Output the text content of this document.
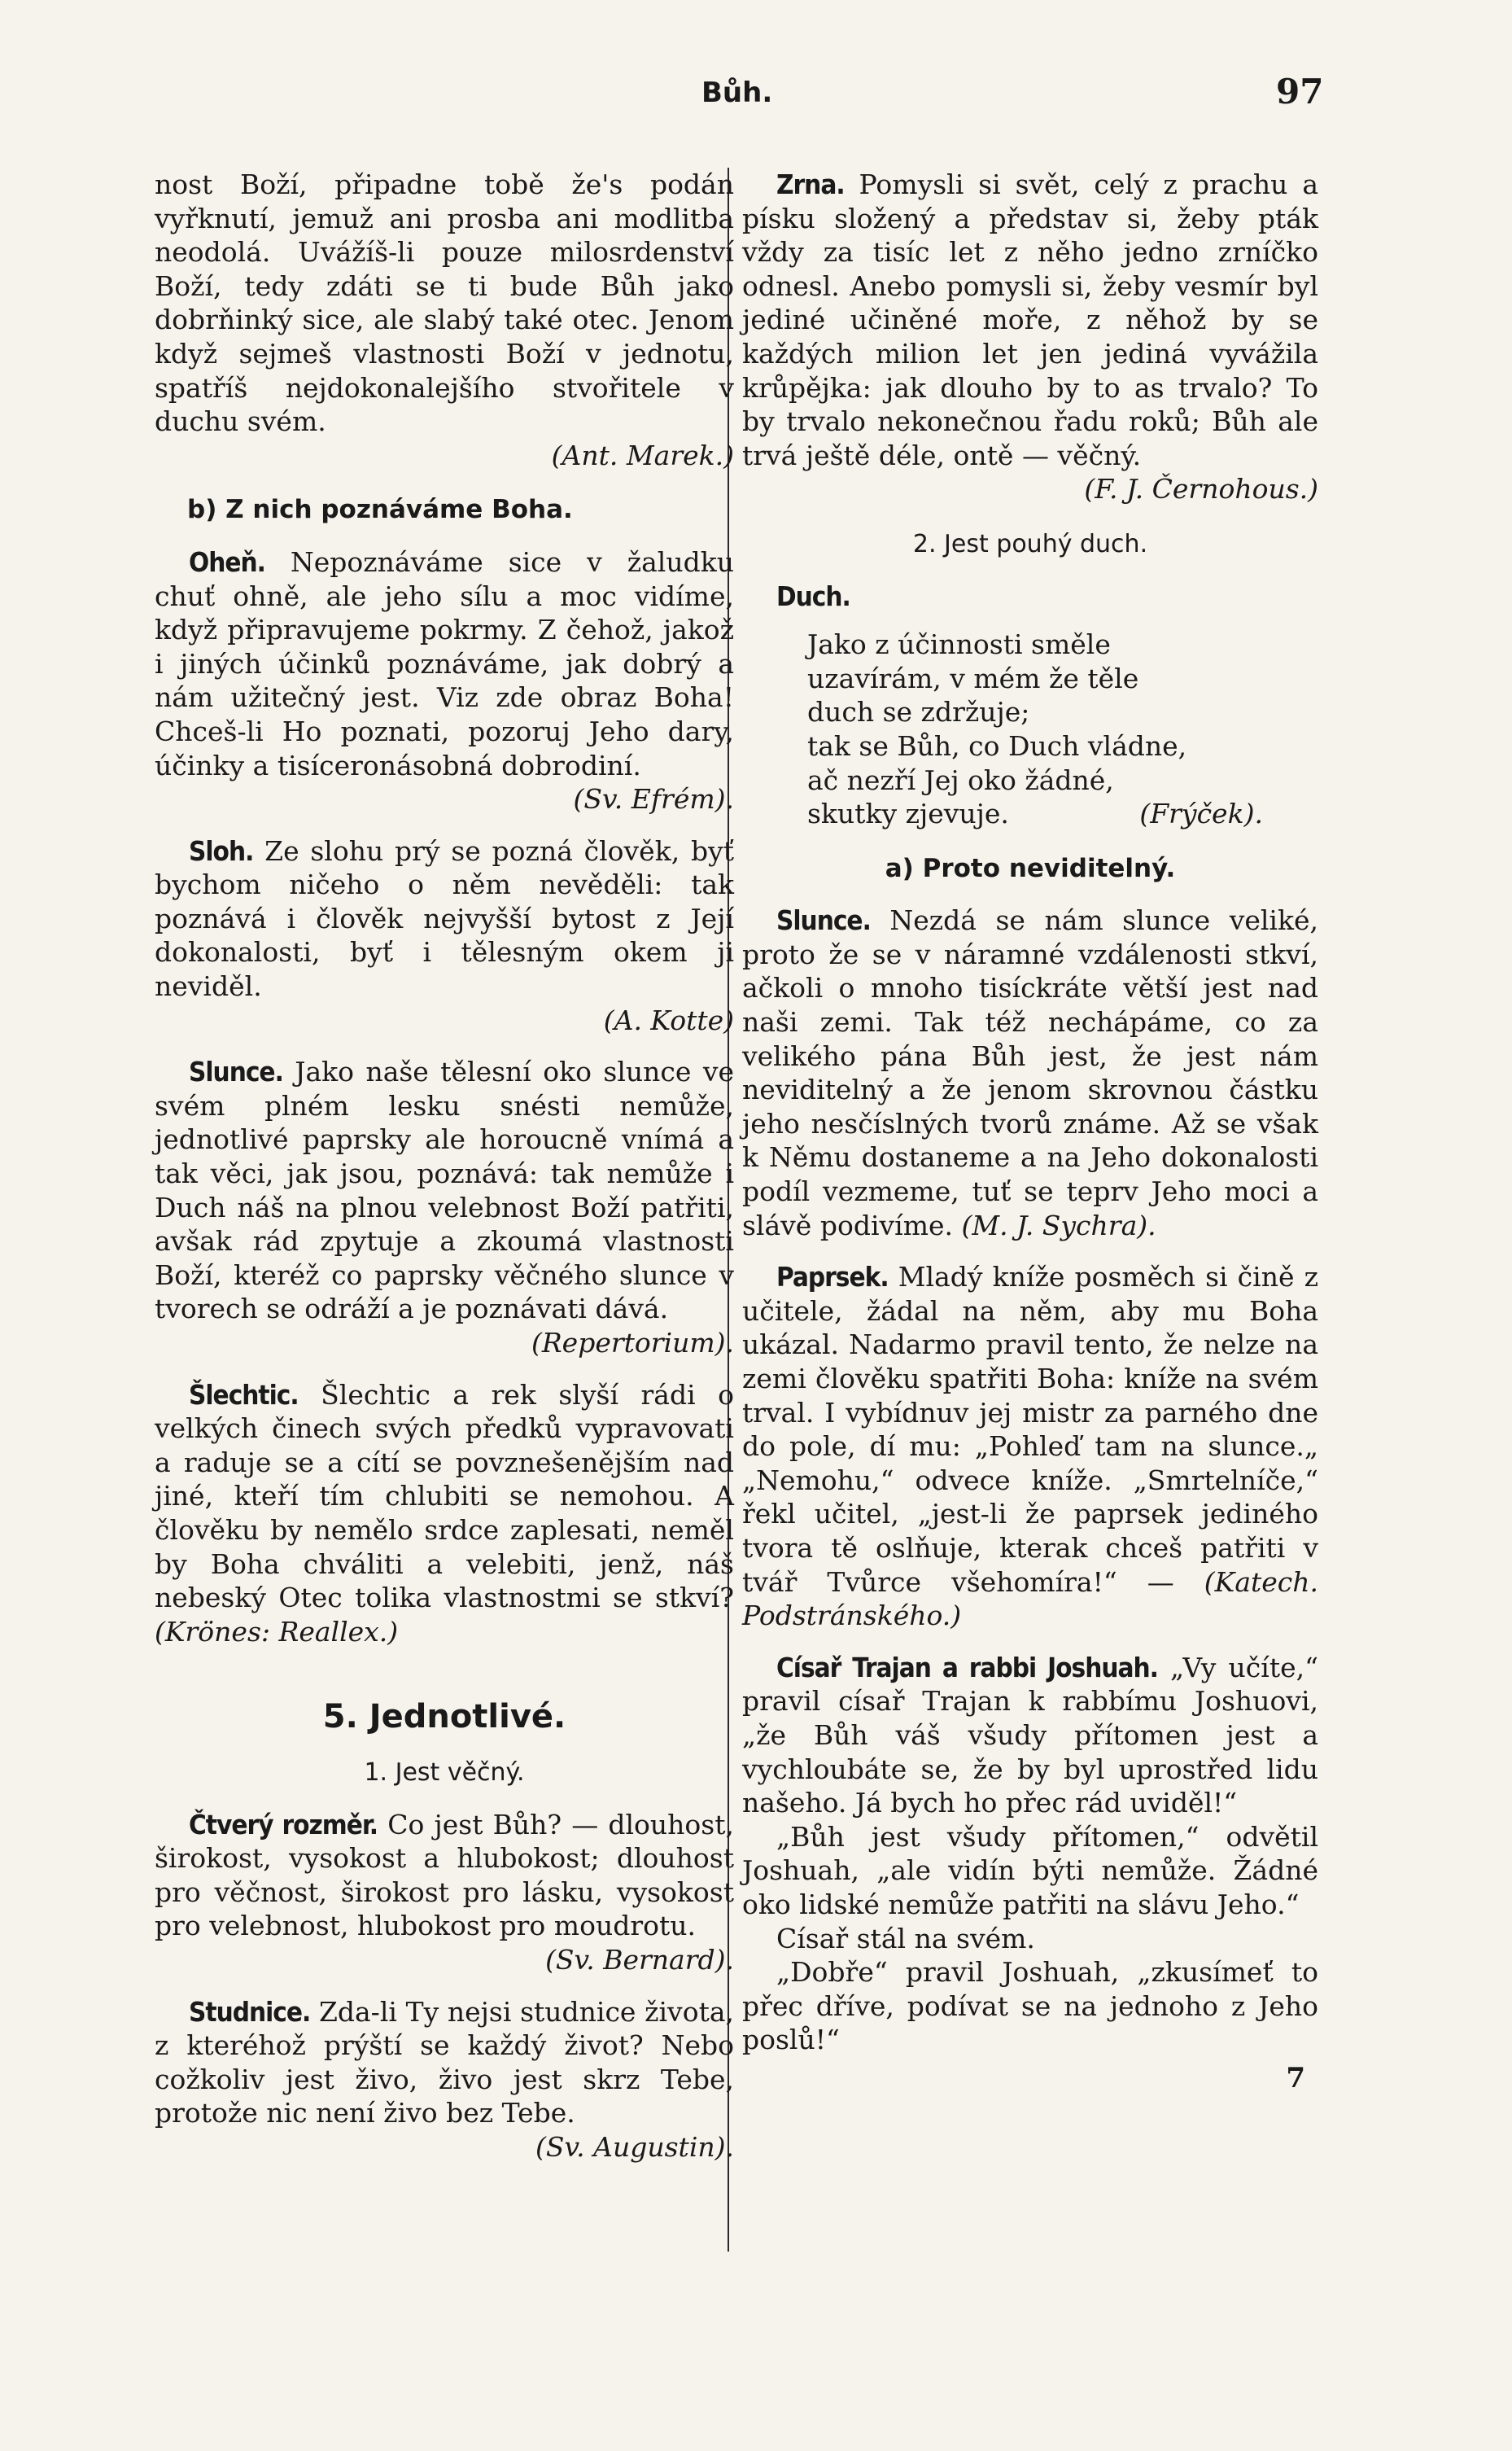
Bůh.	97

nost Boží, připadne tobě že's podán vyřknutí, jemuž ani prosba ani modlitba neodolá. Uvážíš-li pouze milosrdenství Boží, tedy zdáti se ti bude Bůh jako dobrňinký sice, ale slabý také otec. Jenom když sejmeš vlastnosti Boží v jednotu, spatříš nejdokonalejšího stvořitele v duchu svém.
(Ant. Marek.)

b) Z nich poznáváme Boha.

Oheň. Nepoznáváme sice v žaludku chuť ohně, ale jeho sílu a moc vidíme, když připravujeme pokrmy. Z čehož, jakož i jiných účinků poznáváme, jak dobrý a nám užitečný jest. Viz zde obraz Boha! Chceš-li Ho poznati, pozoruj Jeho dary, účinky a tisíceronásobná dobrodiní.
(Sv. Efrém).

Sloh. Ze slohu prý se pozná člověk, byť bychom ničeho o něm nevěděli: tak poznává i člověk nejvyšší bytost z Její dokonalosti, byť i tělesným okem ji neviděl.
(A. Kotte)

Slunce. Jako naše tělesní oko slunce ve svém plném lesku snésti nemůže, jednotlivé paprsky ale horoucně vnímá a tak věci, jak jsou, poznává: tak nemůže i Duch náš na plnou velebnost Boží patřiti, avšak rád zpytuje a zkoumá vlastnosti Boží, kteréž co paprsky věčného slunce v tvorech se odráží a je poznávati dává.
(Repertorium).

Šlechtic. Šlechtic a rek slyší rádi o velkých činech svých předků vypravovati a raduje se a cítí se povznešenějším nad jiné, kteří tím chlubiti se nemohou. A člověku by nemělo srdce zaplesati, neměl by Boha chváliti a velebiti, jenž, náš nebeský Otec tolika vlastnostmi se stkví? (Krönes: Reallex.)

5. Jednotlivé.
1. Jest věčný.

Čtverý rozměr. Co jest Bůh? — dlouhost, širokost, vysokost a hlubokost; dlouhost pro věčnost, širokost pro lásku, vysokost pro velebnost, hlubokost pro moudrotu.
(Sv. Bernard).

Studnice. Zda-li Ty nejsi studnice života, z kteréhož prýští se každý život? Nebo cožkoliv jest živo, živo jest skrz Tebe, protože nic není živo bez Tebe.
(Sv. Augustin).

Zrna. Pomysli si svět, celý z prachu a písku složený a představ si, žeby pták vždy za tisíc let z něho jedno zrníčko odnesl. Anebo pomysli si, žeby vesmír byl jediné učiněné moře, z něhož by se každých milion let jen jediná vyvážila krůpějka: jak dlouho by to as trvalo? To by trvalo nekonečnou řadu roků; Bůh ale trvá ještě déle, ontě — věčný.
(F. J. Černohous.)

2. Jest pouhý duch.

Duch.

Jako z účinnosti směle
uzavírám, v mém že těle
duch se zdržuje;
tak se Bůh, co Duch vládne,
ač nezří Jej oko žádné,
skutky zjevuje.	(Frýček).
a) Proto neviditelný.

Slunce. Nezdá se nám slunce veliké, proto že se v náramné vzdálenosti stkví, ačkoli o mnoho tisíckráte větší jest nad naši zemi. Tak též nechápáme, co za velikého pána Bůh jest, že jest nám neviditelný a že jenom skrovnou částku jeho nesčíslných tvorů známe. Až se však k Němu dostaneme a na Jeho dokonalosti podíl vezmeme, tuť se teprv Jeho moci a slávě podivíme. (M. J. Sychra).

Paprsek. Mladý kníže posměch si čině z učitele, žádal na něm, aby mu Boha ukázal. Nadarmo pravil tento, že nelze na zemi člověku spatřiti Boha: kníže na svém trval. I vybídnuv jej mistr za parného dne do pole, dí mu: „Pohleď tam na slunce.„ „Nemohu,“ odvece kníže. „Smrtelníče,“ řekl učitel, „jest-li že paprsek jediného tvora tě oslňuje, kterak chceš patřiti v tvář Tvůrce všehomíra!“ — (Katech. Podstránského.)

Císař Trajan a rabbi Joshuah. „Vy učíte,“ pravil císař Trajan k rabbímu Joshuovi, „že Bůh váš všudy přítomen jest a vychloubáte se, že by byl uprostřed lidu našeho. Já bych ho přec rád uviděl!“

„Bůh jest všudy přítomen,“ odvětil Joshuah, „ale vidín býti nemůže. Žádné oko lidské nemůže patřiti na slávu Jeho.“

Císař stál na svém.

„Dobře“ pravil Joshuah, „zkusímeť to přec dříve, podívat se na jednoho z Jeho poslů!“

7
